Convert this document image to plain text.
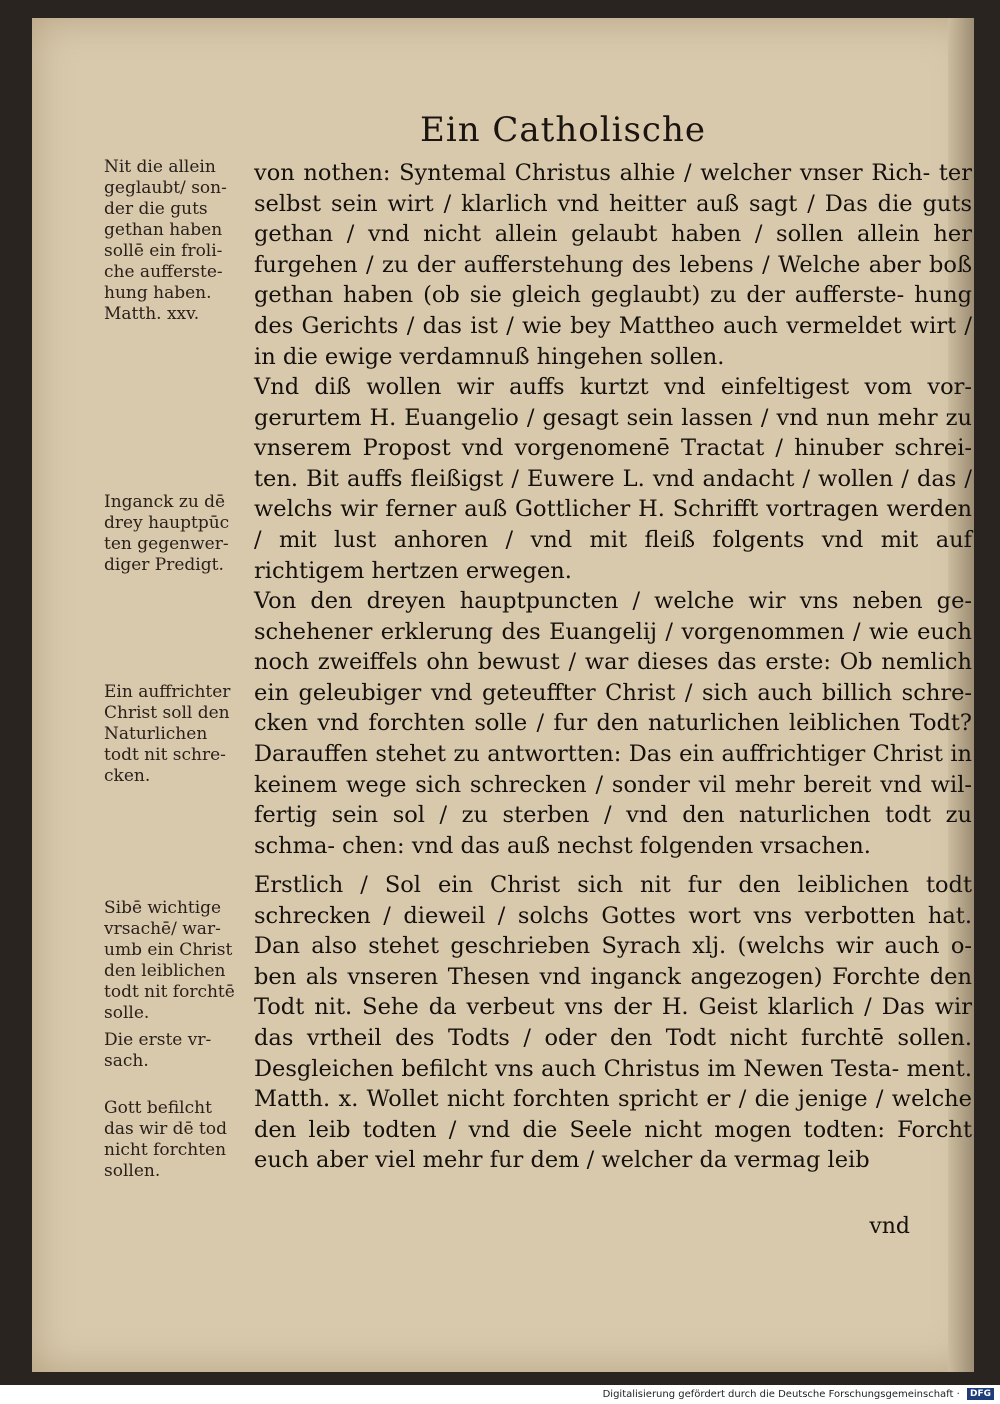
Ein Catholische
Nit die allein
geglaubt/ son-
der die guts
gethan haben
sollē ein froli-
che aufferste-
hung haben.
Matth. xxv.
Inganck zu dē
drey hauptpūc
ten gegenwer-
diger Predigt.
Ein auffrichter
Christ soll den
Naturlichen
todt nit schre-
cken.
Sibē wichtige
vrsachē/ war-
umb ein Christ
den leiblichen
todt nit forchtē
solle.
Die erste vr-
sach.
Gott befilcht
das wir dē tod
nicht forchten
sollen.

von nothen: Syntemal Christus alhie / welcher vnser Rich- ter selbst sein wirt / klarlich vnd heitter auß sagt / Das die guts gethan / vnd nicht allein gelaubt haben / sollen allein her furgehen / zu der aufferstehung des lebens / Welche aber boß gethan haben (ob sie gleich geglaubt) zu der aufferste- hung des Gerichts / das ist / wie bey Mattheo auch vermeldet wirt / in die ewige verdamnuß hingehen sollen.

Vnd diß wollen wir auffs kurtzt vnd einfeltigest vom vor- gerurtem H. Euangelio / gesagt sein lassen / vnd nun mehr zu vnserem Propost vnd vorgenomenē Tractat / hinuber schrei- ten. Bit auffs fleißigst / Euwere L. vnd andacht / wollen / das / welchs wir ferner auß Gottlicher H. Schrifft vortragen werden / mit lust anhoren / vnd mit fleiß folgents vnd mit auf richtigem hertzen erwegen.

Von den dreyen hauptpuncten / welche wir vns neben ge- schehener erklerung des Euangelij / vorgenommen / wie euch noch zweiffels ohn bewust / war dieses das erste: Ob nemlich ein geleubiger vnd geteuffter Christ / sich auch billich schre- cken vnd forchten solle / fur den naturlichen leiblichen Todt? Darauffen stehet zu antwortten: Das ein auffrichtiger Christ in keinem wege sich schrecken / sonder vil mehr bereit vnd wil- fertig sein sol / zu sterben / vnd den naturlichen todt zu schma- chen: vnd das auß nechst folgenden vrsachen.

Erstlich / Sol ein Christ sich nit fur den leiblichen todt schrecken / dieweil / solchs Gottes wort vns verbotten hat. Dan also stehet geschrieben Syrach xlj. (welchs wir auch o- ben als vnseren Thesen vnd inganck angezogen) Forchte den Todt nit. Sehe da verbeut vns der H. Geist klarlich / Das wir das vrtheil des Todts / oder den Todt nicht furchtē sollen. Desgleichen befilcht vns auch Christus im Newen Testa- ment. Matth. x. Wollet nicht forchten spricht er / die jenige / welche den leib todten / vnd die Seele nicht mogen todten: Forcht euch aber viel mehr fur dem / welcher da vermag leib

vnd
Digitalisierung gefördert durch die Deutsche Forschungsgemeinschaft · DFG
